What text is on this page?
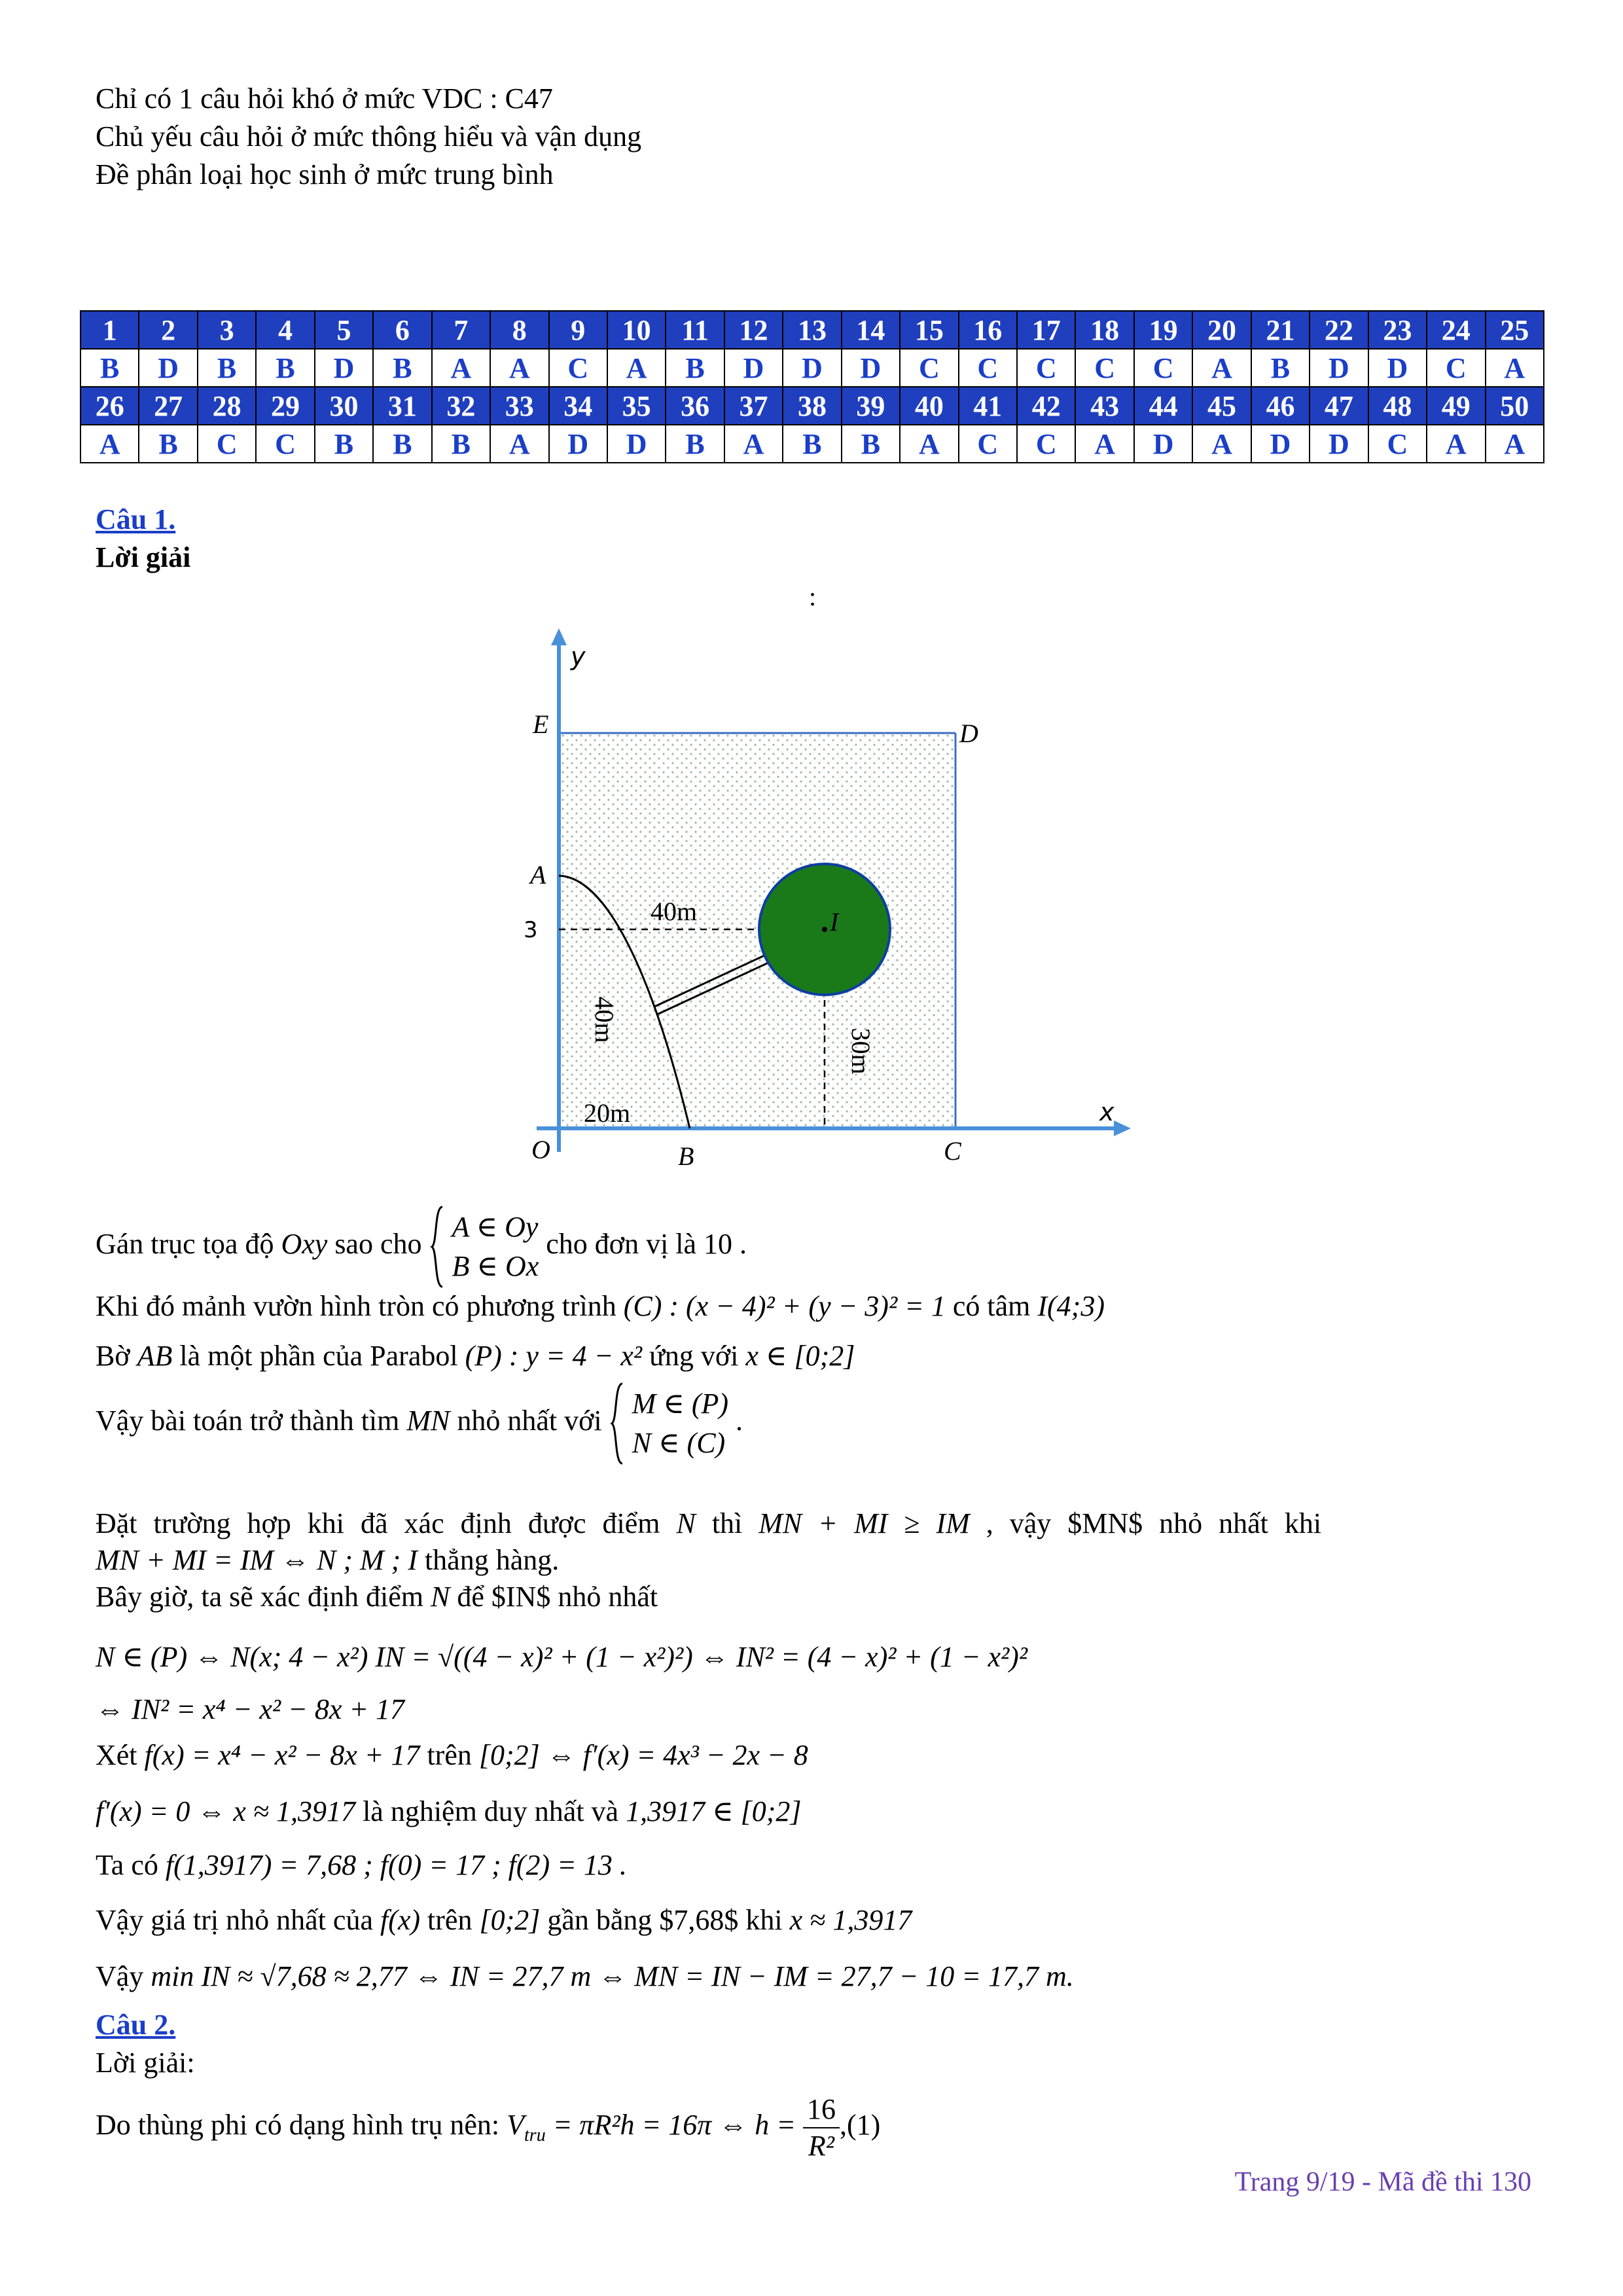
Chỉ có 1 câu hỏi khó ở mức VDC : C47
Chủ yếu câu hỏi ở mức thông hiểu và vận dụng
Đề phân loại học sinh ở mức trung bình
1	2	3	4	5	6	7	8	9	10	11	12	13	14	15	16	17	18	19	20	21	22	23	24	25
B	D	B	B	D	B	A	A	C	A	B	D	D	D	C	C	C	C	C	A	B	D	D	C	A
26	27	28	29	30	31	32	33	34	35	36	37	38	39	40	41	42	43	44	45	46	47	48	49	50
A	B	C	C	B	B	B	A	D	D	B	A	B	B	A	C	C	A	D	A	D	D	C	A	A
Câu 1.
Lời giải
:
y
x
E	D
A
3
O	B	C
I
40m
40m
30m
20m
Gán trục tọa độ Oxy sao cho
A ∈ Oy
B ∈ Ox
cho đơn vị là 10 .
Khi đó mảnh vườn hình tròn có phương trình (C) : (x − 4)² + (y − 3)² = 1 có tâm I(4;3)
Bờ AB là một phần của Parabol (P) : y = 4 − x² ứng với x ∈ [0;2]
Vậy bài toán trở thành tìm MN nhỏ nhất với
M ∈ (P)
N ∈ (C)
.
Đặt trường hợp khi đã xác định được điểm N thì MN + MI ≥ IM , vậy $MN$ nhỏ nhất khi
MN + MI = IM ⇔ N ; M ; I thẳng hàng.
Bây giờ, ta sẽ xác định điểm N để $IN$ nhỏ nhất
N ∈ (P) ⇔ N(x; 4 − x²) IN = √((4 − x)² + (1 − x²)²) ⇔ IN² = (4 − x)² + (1 − x²)²
⇔ IN² = x⁴ − x² − 8x + 17
Xét f(x) = x⁴ − x² − 8x + 17 trên [0;2] ⇔ f′(x) = 4x³ − 2x − 8
f′(x) = 0 ⇔ x ≈ 1,3917 là nghiệm duy nhất và 1,3917 ∈ [0;2]
Ta có f(1,3917) = 7,68 ; f(0) = 17 ; f(2) = 13 .
Vậy giá trị nhỏ nhất của f(x) trên [0;2] gần bằng $7,68$ khi x ≈ 1,3917
Vậy min IN ≈ √7,68 ≈ 2,77 ⇔ IN = 27,7 m ⇔ MN = IN − IM = 27,7 − 10 = 17,7 m.
Câu 2.
Lời giải:
Do thùng phi có dạng hình trụ nên: $V_{tru} = \pi R^2h = 16\pi$ ⇔ $h = \frac{16}{\text{R²}} ,(1)$
Trang 9/19 - Mã đề thi 130
